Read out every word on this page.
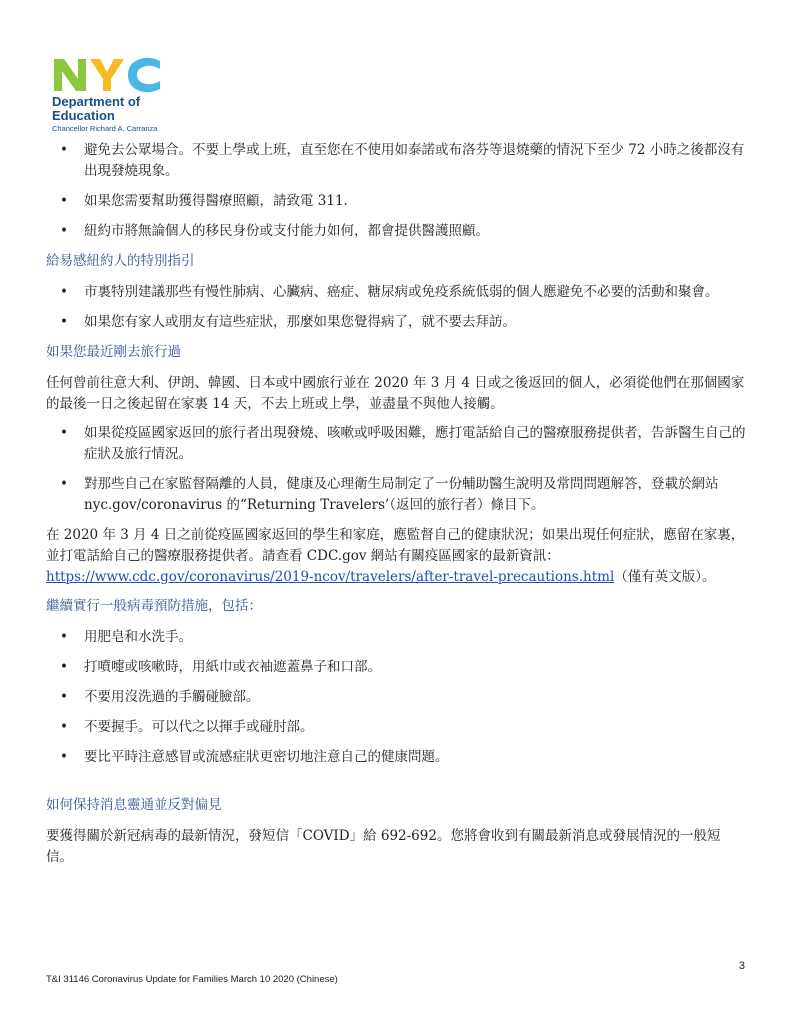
Department of
Education
Chancellor Richard A. Carranza
• 避免去公眾場合。不要上學或上班，直至您在不使用如泰諾或布洛芬等退燒藥的情況下至少 72 小時之後都沒有出現發燒現象。
• 如果您需要幫助獲得醫療照顧，請致電 311.
• 紐約市將無論個人的移民身份或支付能力如何，都會提供醫護照顧。
給易感紐約人的特別指引
• 市裏特別建議那些有慢性肺病、心臟病、癌症、糖尿病或免疫系統低弱的個人應避免不必要的活動和聚會。
• 如果您有家人或朋友有這些症狀，那麼如果您覺得病了，就不要去拜訪。
如果您最近剛去旅行過

任何曾前往意大利、伊朗、韓國、日本或中國旅行並在 2020 年 3 月 4 日或之後返回的個人，必須從他們在那個國家的最後一日之後起留在家裏 14 天，不去上班或上學，並盡量不與他人接觸。

• 如果從疫區國家返回的旅行者出現發燒、咳嗽或呼吸困難，應打電話給自己的醫療服務提供者，告訴醫生自己的症狀及旅行情況。
• 對那些自己在家監督隔離的人員，健康及心理衛生局制定了一份輔助醫生說明及常問問題解答，登載於網站 nyc.gov/coronavirus 的“Returning Travelers’（返回的旅行者）條目下。

在 2020 年 3 月 4 日之前從疫區國家返回的學生和家庭，應監督自己的健康狀況；如果出現任何症狀，應留在家裏，並打電話給自己的醫療服務提供者。請查看 CDC.gov 網站有關疫區國家的最新資訊：
https://www.cdc.gov/coronavirus/2019-ncov/travelers/after-travel-precautions.html（僅有英文版）。

繼續實行一般病毒預防措施，包括：
• 用肥皂和水洗手。
• 打噴嚏或咳嗽時，用紙巾或衣袖遮蓋鼻子和口部。
• 不要用沒洗過的手觸碰臉部。
• 不要握手。可以代之以揮手或碰肘部。
• 要比平時注意感冒或流感症狀更密切地注意自己的健康問題。
如何保持消息靈通並反對偏見

要獲得關於新冠病毒的最新情況，發短信「COVID」給 692-692。您將會收到有關最新消息或發展情況的一般短信。

3
T&I 31146 Coronavirus Update for Families March 10 2020 (Chinese)
